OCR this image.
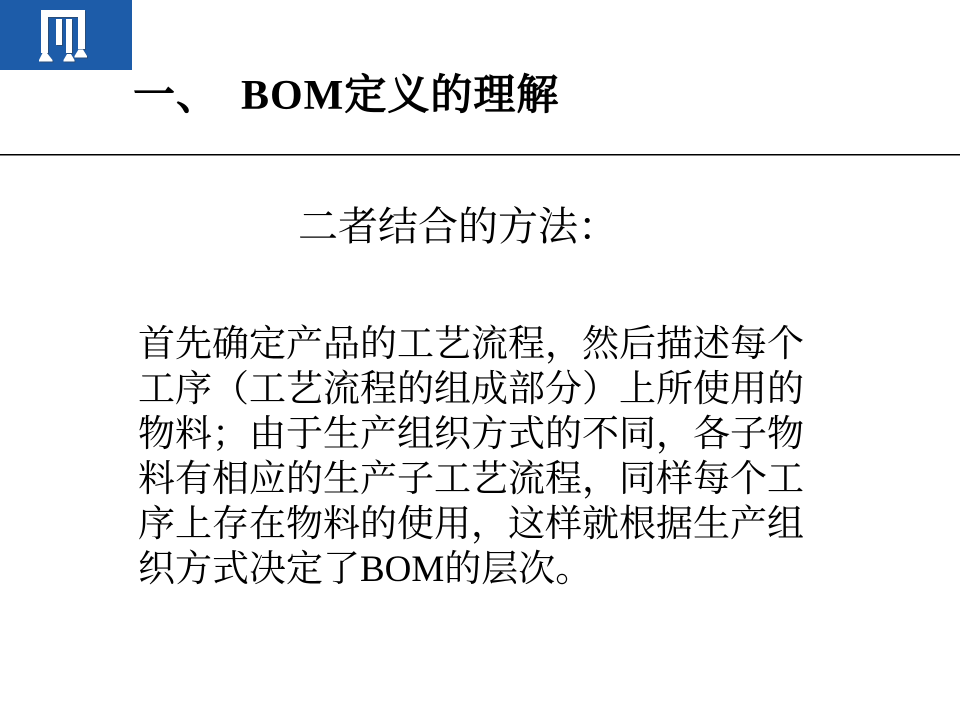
一、　BOM定义的理解
二者结合的方法：
首先确定产品的工艺流程，然后描述每个
工序（工艺流程的组成部分）上所使用的
物料；由于生产组织方式的不同，各子物
料有相应的生产子工艺流程，同样每个工
序上存在物料的使用，这样就根据生产组
织方式决定了BOM的层次。
